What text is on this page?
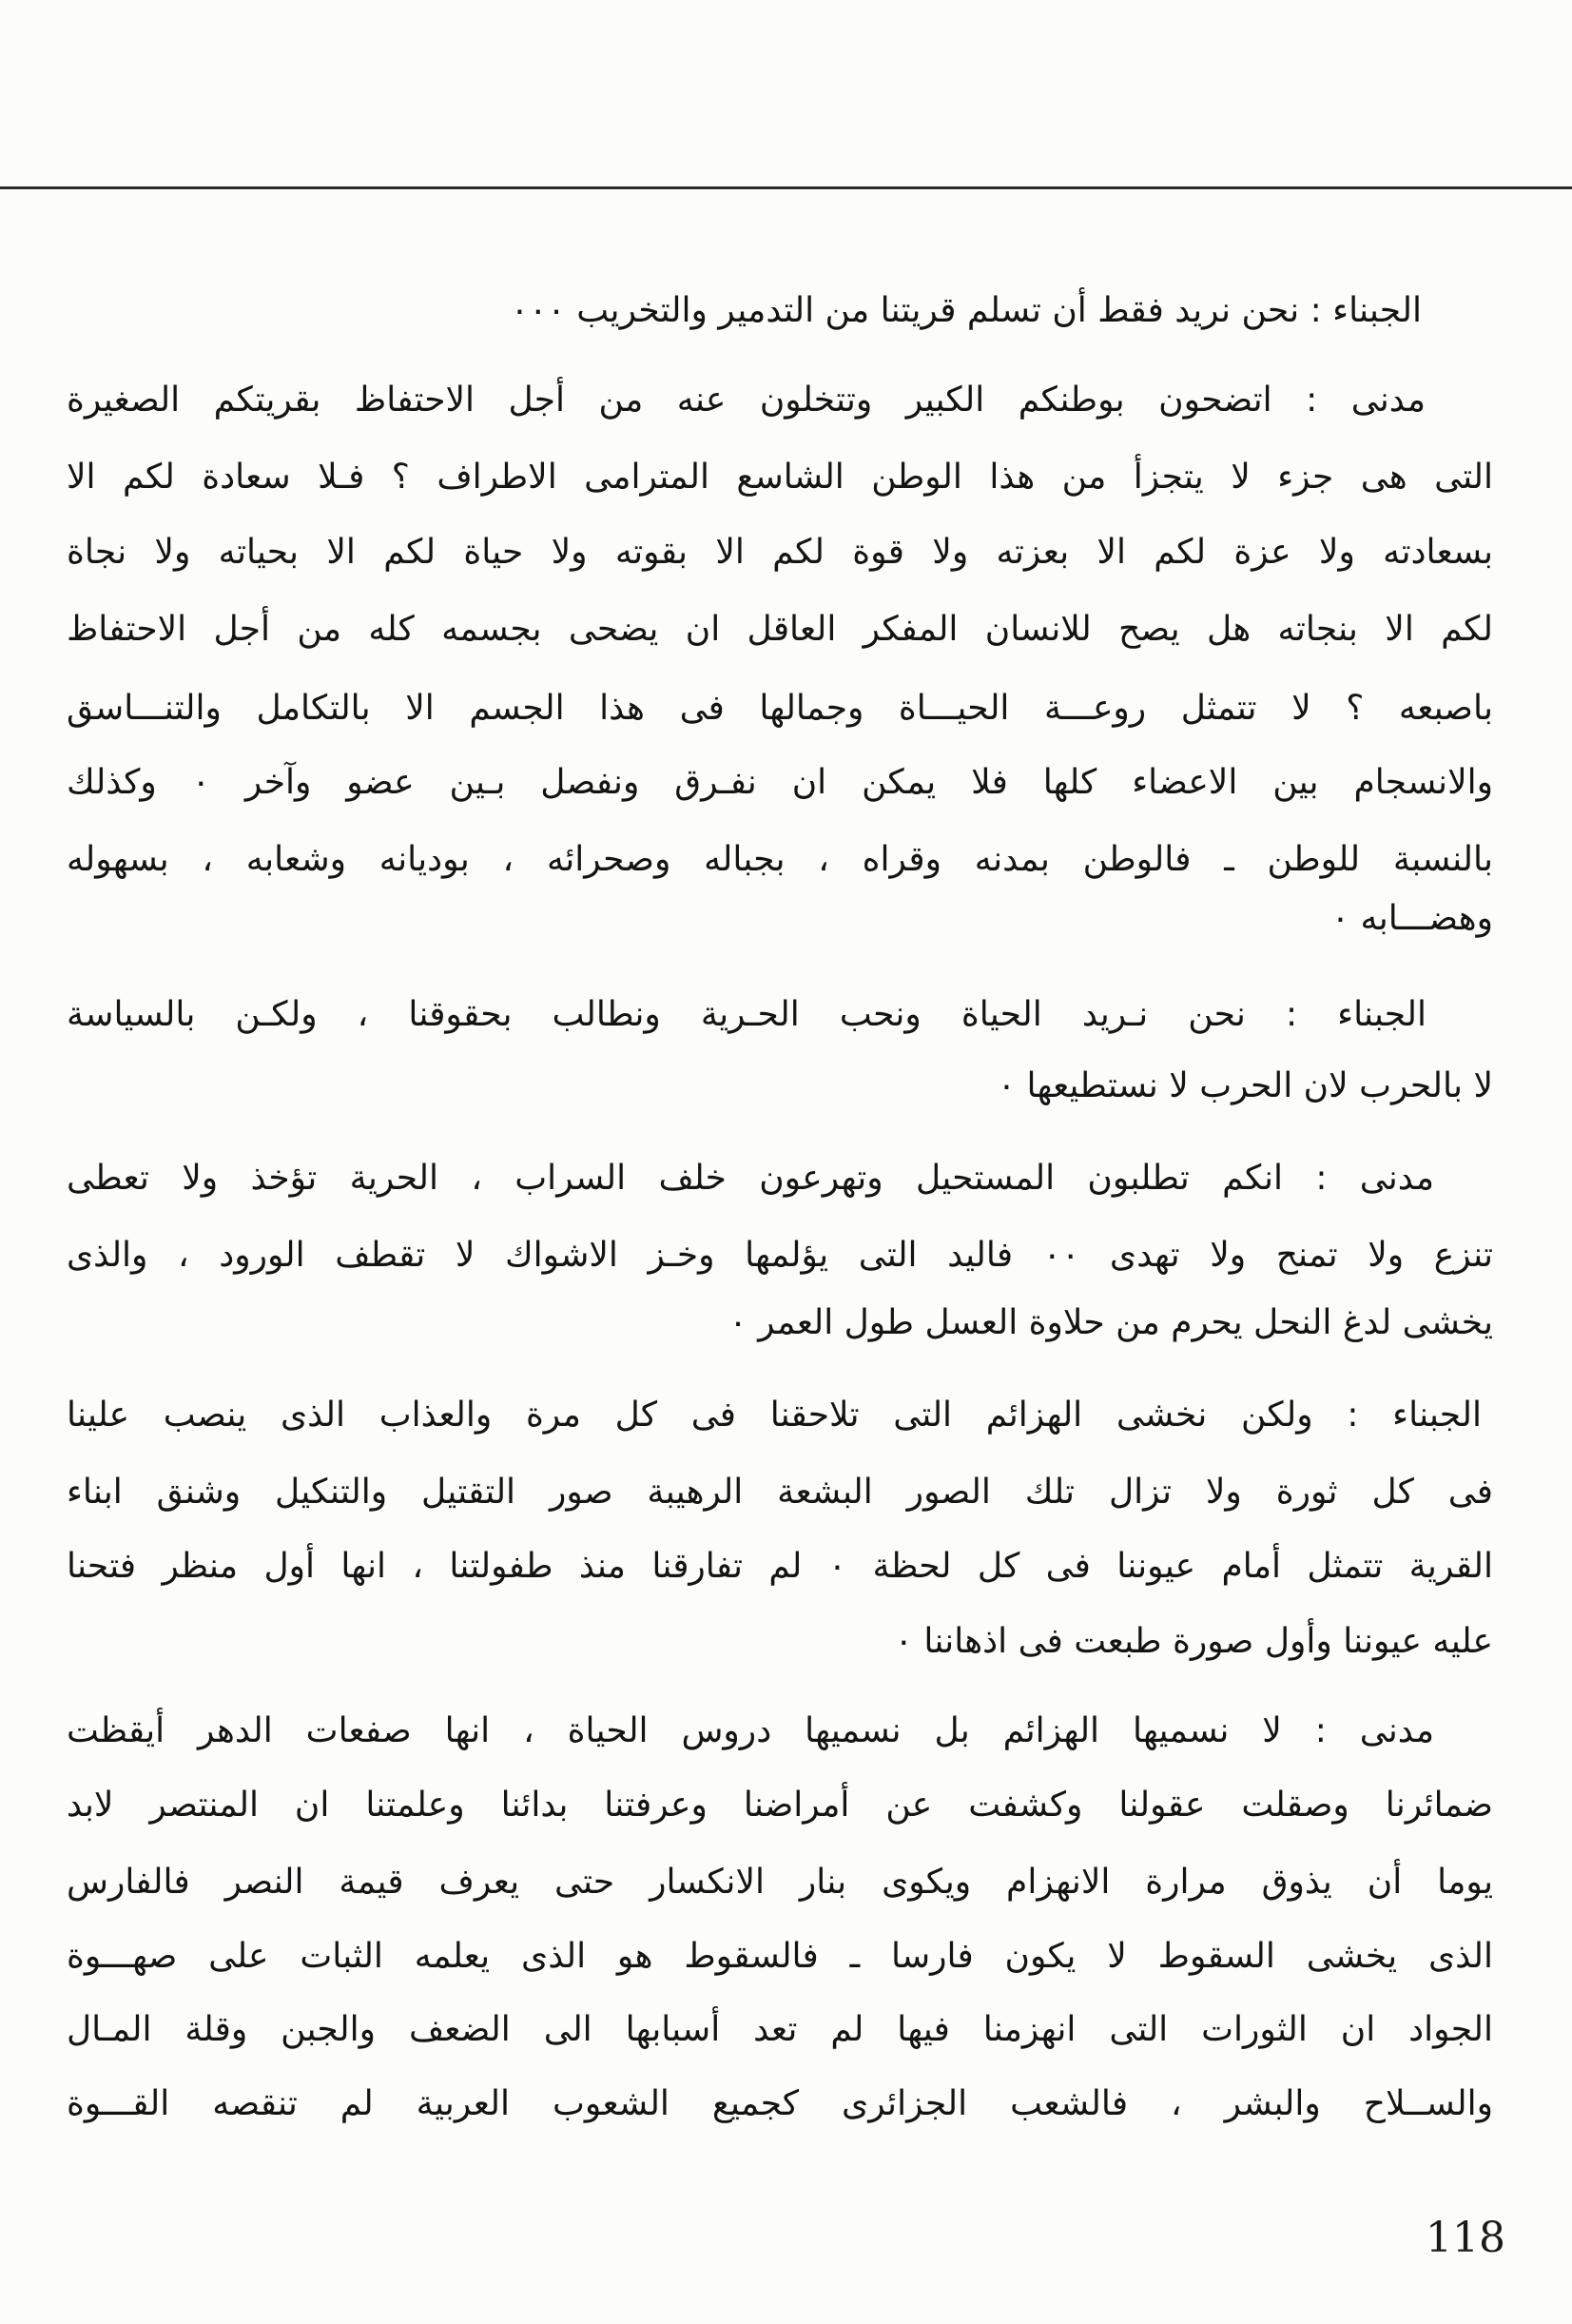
الجبناء : نحن نريد فقط أن تسلم قريتنا من التدمير والتخريب ٠٠٠
مدنى : اتضحون بوطنكم الكبير وتتخلون عنه من أجل الاحتفاظ بقريتكم الصغيرة
التى هى جزء لا يتجزأ من هذا الوطن الشاسع المترامى الاطراف ؟ فـلا سعادة لكم الا
بسعادته ولا عزة لكم الا بعزته ولا قوة لكم الا بقوته ولا حياة لكم الا بحياته ولا نجاة
لكم الا بنجاته هل يصح للانسان المفكر العاقل ان يضحى بجسمه كله من أجل الاحتفاظ
باصبعه ؟ لا تتمثل روعـــة الحيـــاة وجمالها فى هذا الجسم الا بالتكامل والتنـــاسق
والانسجام بين الاعضاء كلها فلا يمكن ان نفـرق ونفصل بـين عضو وآخر ٠ وكذلك
بالنسبة للوطن ـ فالوطن بمدنه وقراه ، بجباله وصحرائه ، بوديانه وشعابه ، بسهوله
وهضـــابه ٠
الجبناء : نحن نـريد الحياة ونحب الحـرية ونطالب بحقوقنا ، ولكـن بالسياسة
لا بالحرب لان الحرب لا نستطيعها ٠
مدنى : انكم تطلبون المستحيل وتهرعون خلف السراب ، الحرية تؤخذ ولا تعطى
تنزع ولا تمنح ولا تهدى ٠٠ فاليد التى يؤلمها وخـز الاشواك لا تقطف الورود ، والذى
يخشى لدغ النحل يحرم من حلاوة العسل طول العمر ٠
الجبناء : ولكن نخشى الهزائم التى تلاحقنا فى كل مرة والعذاب الذى ينصب علينا
فى كل ثورة ولا تزال تلك الصور البشعة الرهيبة صور التقتيل والتنكيل وشنق ابناء
القرية تتمثل أمام عيوننا فى كل لحظة ٠ لم تفارقنا منذ طفولتنا ، انها أول منظر فتحنا
عليه عيوننا وأول صورة طبعت فى اذهاننا ٠
مدنى : لا نسميها الهزائم بل نسميها دروس الحياة ، انها صفعات الدهر أيقظت
ضمائرنا وصقلت عقولنا وكشفت عن أمراضنا وعرفتنا بدائنا وعلمتنا ان المنتصر لابد
يوما أن يذوق مرارة الانهزام ويكوى بنار الانكسار حتى يعرف قيمة النصر فالفارس
الذى يخشى السقوط لا يكون فارسا ـ فالسقوط هو الذى يعلمه الثبات على صهـــوة
الجواد ان الثورات التى انهزمنا فيها لم تعد أسبابها الى الضعف والجبن وقلة المـال
والســلاح والبشر ، فالشعب الجزائرى كجميع الشعوب العربية لم تنقصه القـــوة
118
